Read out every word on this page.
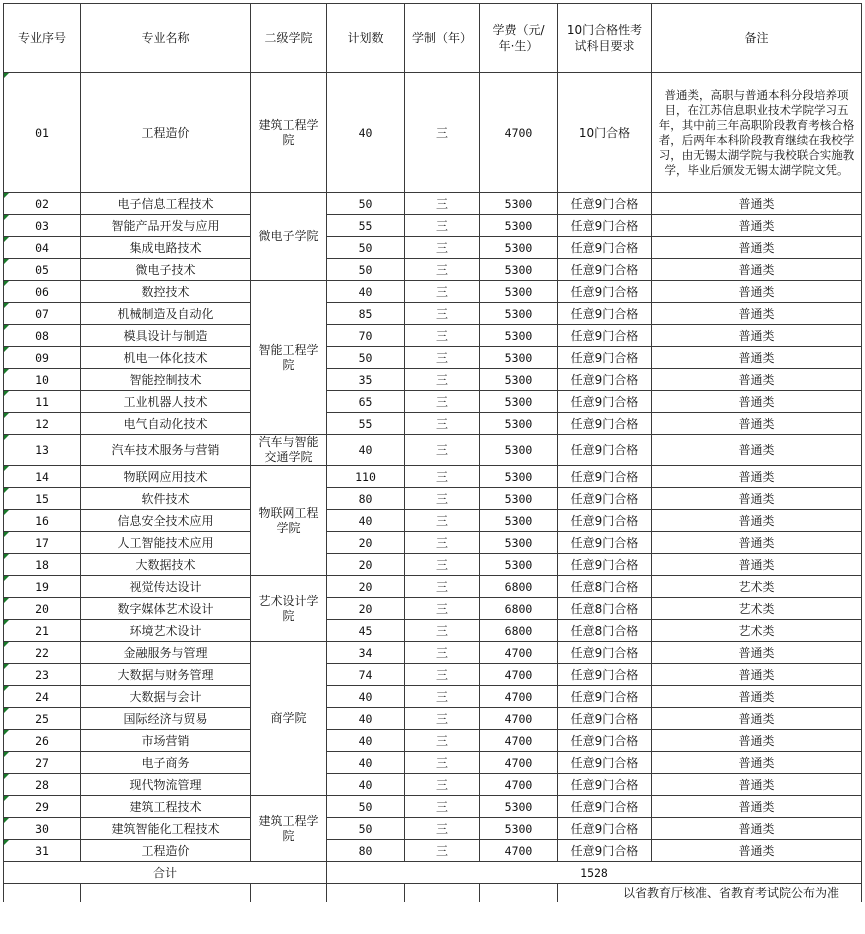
专业序号	专业名称	二级学院	计划数	学制（年）	学费（元/年·生）	10门合格性考试科目要求	备注
01	工程造价	建筑工程学院	40	三	4700	10门合格	普通类，高职与普通本科分段培养项目，在江苏信息职业技术学院学习五年，其中前三年高职阶段教育考核合格者，后两年本科阶段教育继续在我校学习，由无锡太湖学院与我校联合实施教学，毕业后颁发无锡太湖学院文凭。
02	电子信息工程技术	微电子学院	50	三	5300	任意9门合格	普通类
03	智能产品开发与应用		55	三	5300	任意9门合格	普通类
04	集成电路技术		50	三	5300	任意9门合格	普通类
05	微电子技术		50	三	5300	任意9门合格	普通类
06	数控技术	智能工程学院	40	三	5300	任意9门合格	普通类
07	机械制造及自动化		85	三	5300	任意9门合格	普通类
08	模具设计与制造		70	三	5300	任意9门合格	普通类
09	机电一体化技术		50	三	5300	任意9门合格	普通类
10	智能控制技术		35	三	5300	任意9门合格	普通类
11	工业机器人技术		65	三	5300	任意9门合格	普通类
12	电气自动化技术		55	三	5300	任意9门合格	普通类
13	汽车技术服务与营销	汽车与智能交通学院	40	三	5300	任意9门合格	普通类
14	物联网应用技术	物联网工程学院	110	三	5300	任意9门合格	普通类
15	软件技术		80	三	5300	任意9门合格	普通类
16	信息安全技术应用		40	三	5300	任意9门合格	普通类
17	人工智能技术应用		20	三	5300	任意9门合格	普通类
18	大数据技术		20	三	5300	任意9门合格	普通类
19	视觉传达设计	艺术设计学院	20	三	6800	任意8门合格	艺术类
20	数字媒体艺术设计		20	三	6800	任意8门合格	艺术类
21	环境艺术设计		45	三	6800	任意8门合格	艺术类
22	金融服务与管理	商学院	34	三	4700	任意9门合格	普通类
23	大数据与财务管理		74	三	4700	任意9门合格	普通类
24	大数据与会计		40	三	4700	任意9门合格	普通类
25	国际经济与贸易		40	三	4700	任意9门合格	普通类
26	市场营销		40	三	4700	任意9门合格	普通类
27	电子商务		40	三	4700	任意9门合格	普通类
28	现代物流管理		40	三	4700	任意9门合格	普通类
29	建筑工程技术	建筑工程学院	50	三	5300	任意9门合格	普通类
30	建筑智能化工程技术		50	三	5300	任意9门合格	普通类
31	工程造价		80	三	4700	任意9门合格	普通类
合计			1528				
						以省教育厅核准、省教育考试院公布为准	
